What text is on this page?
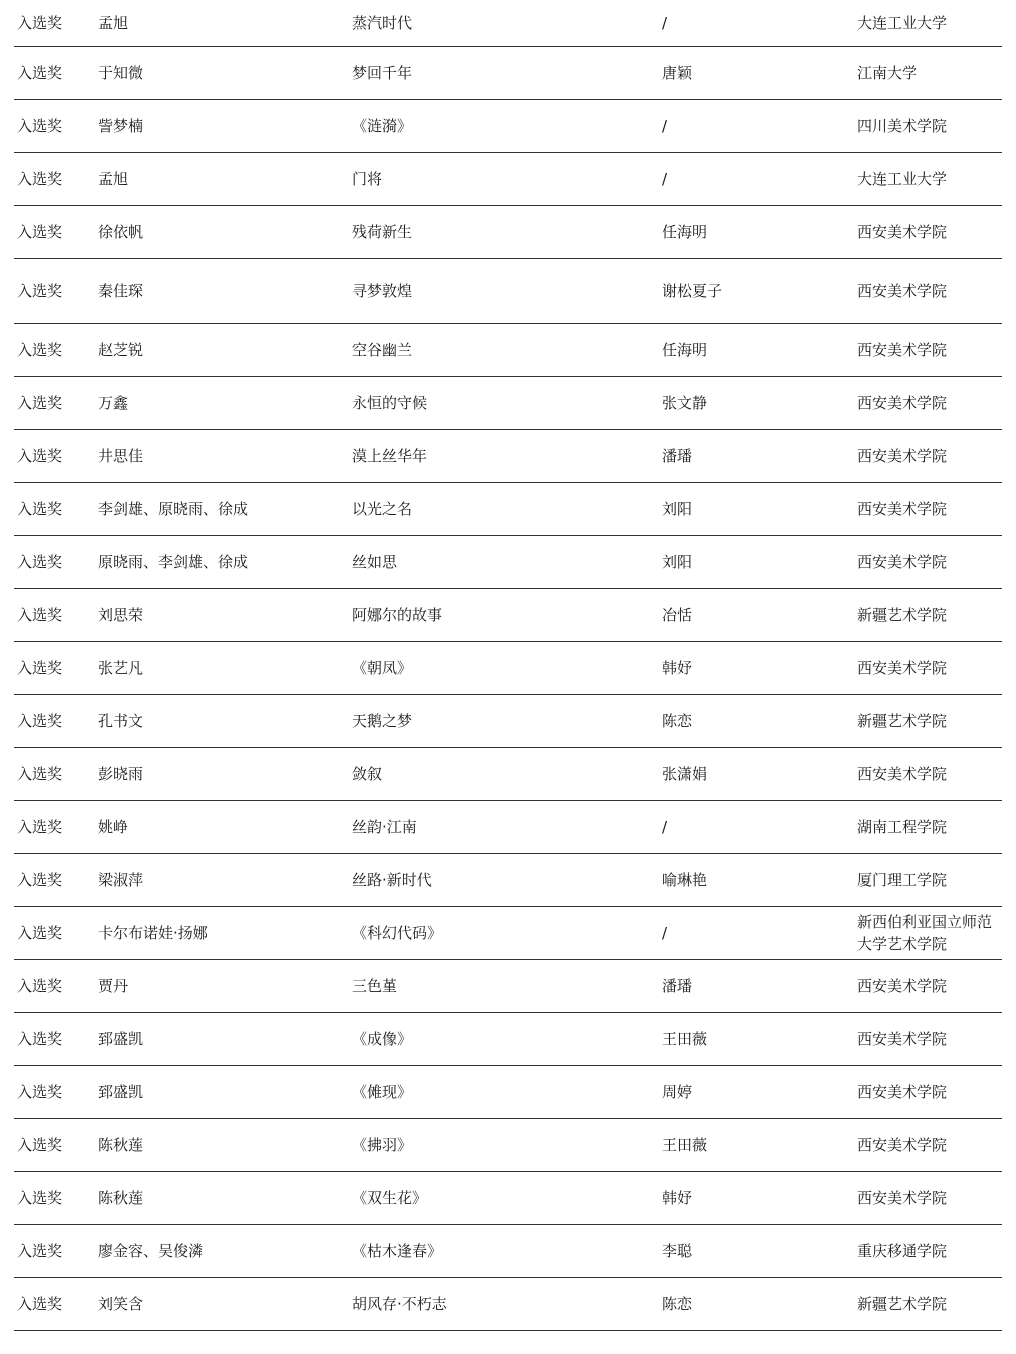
入选奖	孟旭	蒸汽时代	/	大连工业大学
入选奖	于知微	梦回千年	唐颖	江南大学
入选奖	訾梦楠	《涟漪》	/	四川美术学院
入选奖	孟旭	门将	/	大连工业大学
入选奖	徐依帆	残荷新生	任海明	西安美术学院
入选奖	秦佳琛	寻梦敦煌	谢松夏子	西安美术学院
入选奖	赵芝锐	空谷幽兰	任海明	西安美术学院
入选奖	万鑫	永恒的守候	张文静	西安美术学院
入选奖	井思佳	漠上丝华年	潘璠	西安美术学院
入选奖	李剑雄、原晓雨、徐成	以光之名	刘阳	西安美术学院
入选奖	原晓雨、李剑雄、徐成	丝如思	刘阳	西安美术学院
入选奖	刘思荣	阿娜尔的故事	冶恬	新疆艺术学院
入选奖	张艺凡	《朝凤》	韩妤	西安美术学院
入选奖	孔书文	天鹅之梦	陈恋	新疆艺术学院
入选奖	彭晓雨	敛叙	张潇娟	西安美术学院
入选奖	姚峥	丝韵·江南	/	湖南工程学院
入选奖	梁淑萍	丝路·新时代	喻琳艳	厦门理工学院
入选奖	卡尔布诺娃·扬娜	《科幻代码》	/	新西伯利亚国立师范大学艺术学院
入选奖	贾丹	三色堇	潘璠	西安美术学院
入选奖	郅盛凯	《成像》	王田薇	西安美术学院
入选奖	郅盛凯	《傩现》	周婷	西安美术学院
入选奖	陈秋莲	《拂羽》	王田薇	西安美术学院
入选奖	陈秋莲	《双生花》	韩妤	西安美术学院
入选奖	廖金容、吴俊潾	《枯木逢春》	李聪	重庆移通学院
入选奖	刘笑含	胡风存·不朽志	陈恋	新疆艺术学院
